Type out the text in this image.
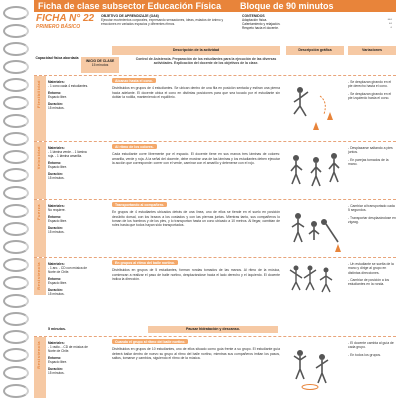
Ficha de clase subsector Educación Física Bloque de 90 minutos
FICHA N° 22
PRIMERO BÁSICO
OBJETIVO DE APRENDIZAJE (OA6)
Ejecutar movimientos corporales, expresando sensaciones, ideas, estados de ánimo y emociones en variados espacios y diferentes ritmos.
CONTENIDOS
Adaptación física.	***
Calentamiento y relajación.	**
Respeto hacia el docente.	*
Descripción de la actividad	Descripción gráfica	Variaciones
Capacidad física abordada
INICIO DE CLASE
15 minutos
Control de Asistencia. Preparación de los estudiantes para la ejecución de las diversas actividades. Explicación del docente de los objetivos de la clase.
Flexibilidad Materiales:
- 1 cono cada 4 estudiantes.
Entorno:
Espacio libre.
Duración:
15 minutos.
Alcanzo hasta el cono.
Distribuidos en grupos de 4 estudiantes. Se ubican dentro de una fila en posición sentada y estiran una pierna hacia adelante. El docente ubica el cono en distintas posiciones para que sea tocado por el estudiante sin doblar la rodilla, manteniendo el equilibrio.
- Se desplazan girando en el pie derecho hasta el cono.
- Se desplazan girando en el pie izquierdo hasta el cono.
Velocidad Materiales:
- 1 lámina verde. - 1 lámina roja. - 1 lámina amarilla.
Entorno:
Espacio libre.
Duración:
15 minutos.
Al ritmo de los colores.
Cada estudiante corre libremente por el espacio. El docente tiene en sus manos tres láminas de colores: amarilla, verde y roja. A la señal del docente, debe mostrar una de las láminas y los estudiantes deben ejecutar la acción que corresponde: correr con el verde, caminar con el amarillo y detenerse con el rojo.
- Desplazarse saltando a pies juntos.
- En parejas tomados de la mano.
Fuerza Materiales:
No requiere.
Entorno:
Espacio libre.
Duración:
15 minutos.
Transportando al compañero.
En grupos de 4 estudiantes ubicados detrás de una línea, uno de ellos se tiende en el suelo en posición decúbito dorsal, con los brazos a los costados y con las piernas juntas. Mientras tanto, sus compañeros lo toman de los hombros y de los pies, y lo transportan hasta un cono ubicado a 10 metros. Al llegar, cambian de roles hasta que todos hayan sido transportados.
- Cambiar al transportado cada 5 segundos.
- Transportar desplazándose en zigzag.
Resistencia Materiales:
- 1 aro. - CD con música de Norte de Chile.
Entorno:
Espacio libre.
Duración:
15 minutos.
En grupos al ritmo del baile nortino.
Distribuidos en grupos de 5 estudiantes, forman rondas tomados de las manos. Al ritmo de la música, comienzan a realizar el paso de baile nortino, desplazándose hacia el lado derecho y el izquierdo. El docente indica la dirección.
- Un estudiante se suelta de la mano y dirige al grupo en distintas direcciones.
- Cambiar de posición a los estudiantes en la ronda.
5 minutos.	Pausar hidratación y descanso.
Resistencia Materiales:
- 1 radio. - CD de música de Norte de Chile.
Entorno:
Espacio libre.
Duración:
15 minutos.
Cuando el grupo al ritmo del baile nortino.
Distribuidos en grupos de 10 estudiantes, uno de ellos situado como guía frente a su grupo. El estudiante guía deberá bailar dentro de nuevo su grupo al ritmo del baile nortino, mientras sus compañeros imitan los pasos, saltos, tomarse y cambios, siguiendo el ritmo de la música.
- El docente cambia al guía de cada grupo.
- En todos los grupos.
